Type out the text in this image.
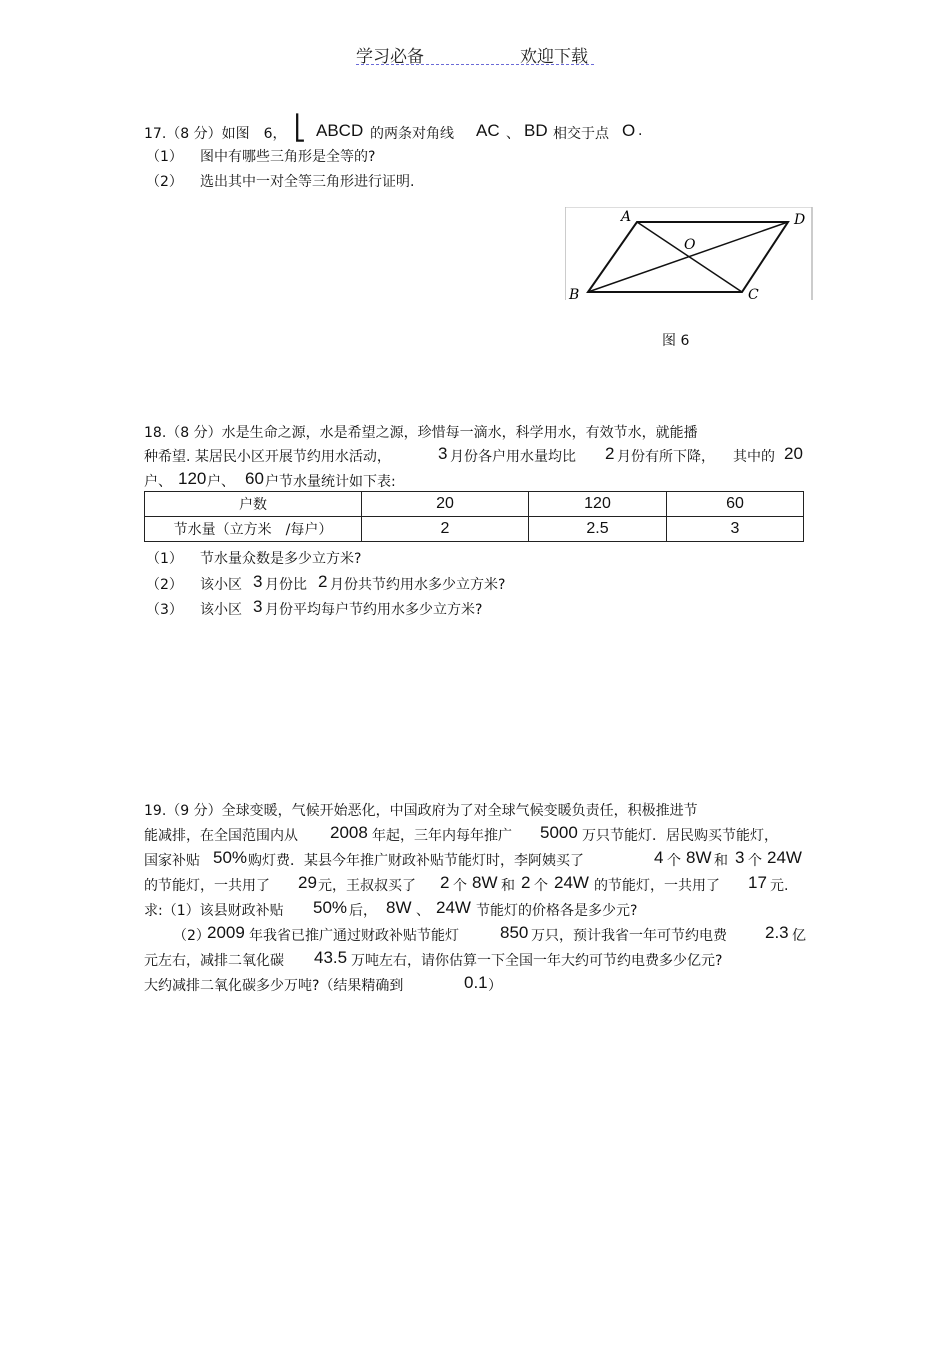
学习必备	欢迎下载
17.（8 分）如图　6， ⎣ ABCD 的两条对角线 AC 、 BD 相交于点 O .
（1） 图中有哪些三角形是全等的?
（2） 选出其中一对全等三角形进行证明.
A	D
O
B	C
图 6
18.（8 分）水是生命之源，水是希望之源，珍惜每一滴水，科学用水，有效节水，就能播
种希望. 某居民小区开展节约用水活动，	3 月份各户用水量均比 2 月份有所下降， 其中的 20
户、 120 户、 60 户节水量统计如下表:
户数	20	120	60
节水量（立方米　/每户）	2	2.5	3
（1） 节水量众数是多少立方米?
（2） 该小区 3 月份比 2 月份共节约用水多少立方米?
（3） 该小区 3 月份平均每户节约用水多少立方米?
19.（9 分）全球变暖，气候开始恶化，中国政府为了对全球气候变暖负责任，积极推进节
能减排，在全国范围内从 2008 年起，三年内每年推广 5000 万只节能灯．居民购买节能灯，
国家补贴 50% 购灯费．某县今年推广财政补贴节能灯时，李阿姨买了	4 个 8W 和 3 个 24W
的节能灯，一共用了 29 元，王叔叔买了 2 个 8W 和 2 个 24W 的节能灯，一共用了 17 元.
求:（1）该县财政补贴 50% 后， 8W 、 24W 节能灯的价格各是多少元?
（2）
2009 年我省已推广通过财政补贴节能灯 850 万只，预计我省一年可节约电费 2.3 亿
元左右，减排二氧化碳 43.5 万吨左右，请你估算一下全国一年大约可节约电费多少亿元?
大约减排二氧化碳多少万吨?（结果精确到	0.1 ）
